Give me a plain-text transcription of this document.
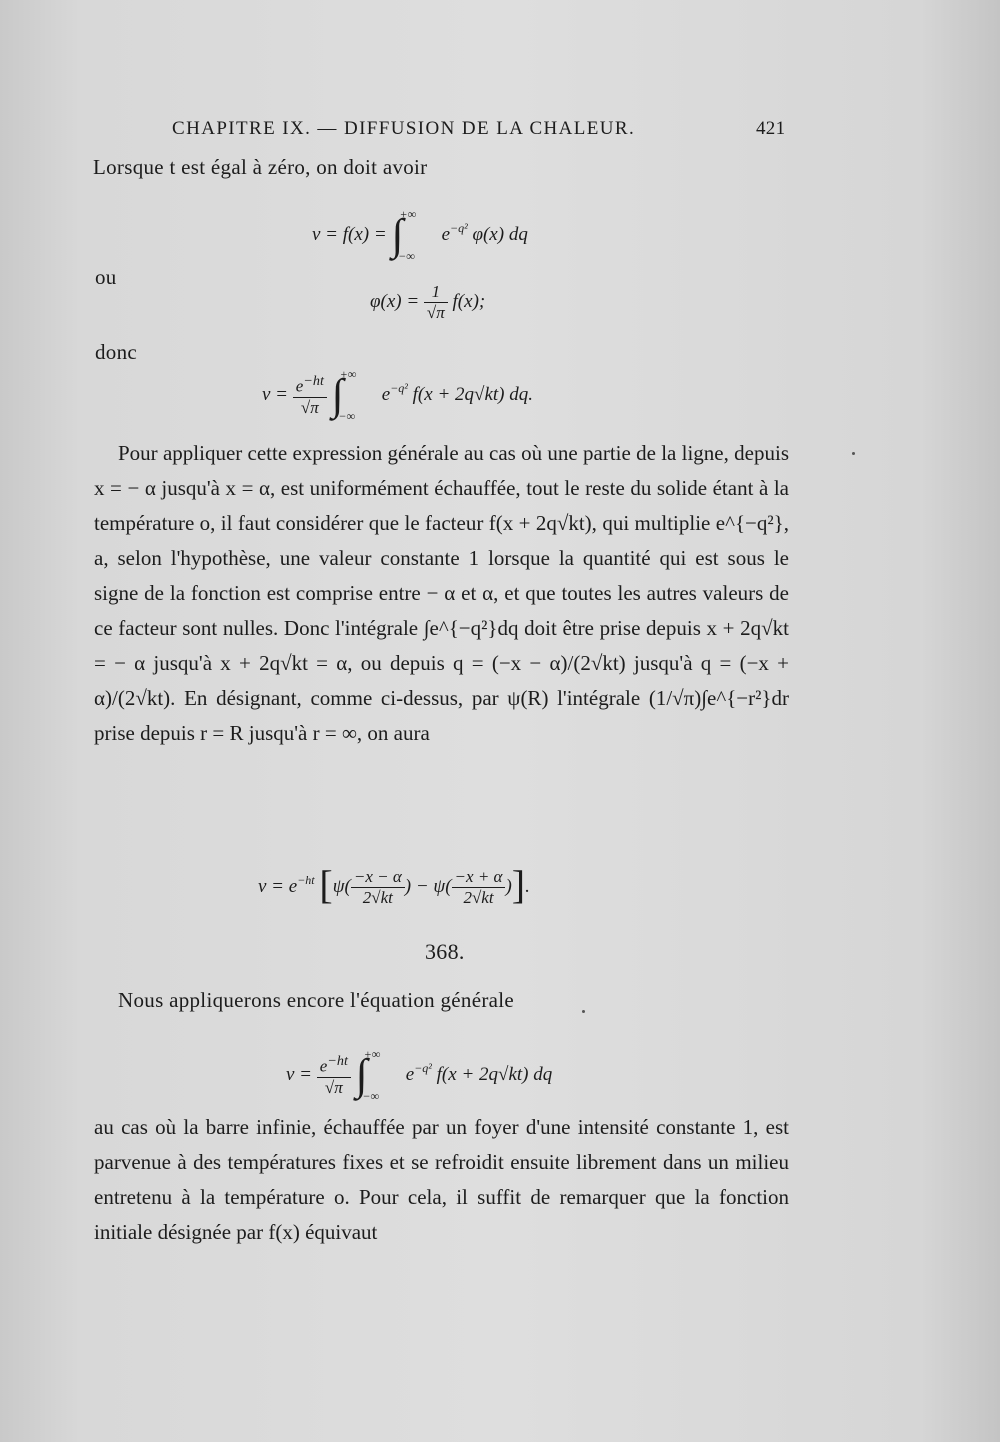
CHAPITRE IX. — DIFFUSION DE LA CHALEUR.	421
Lorsque t est égal à zéro, on doit avoir
$v = f(x) = \int^{+\infty}_{-\infty}$ $e^{-q^2}$ φ(x) dq
ou
$\varphi(x) = \frac{1}{√\pi} f(x)$;
donc
$v = \frac{e^{-ht}}{√\pi} \int^{+\infty}_{-\infty}$ $e^{-q^2}$ f(x + 2q√kt) dq.

Pour appliquer cette expression générale au cas où une partie de la ligne, depuis x = − α jusqu'à x = α, est uniformément échauffée, tout le reste du solide étant à la température o, il faut considérer que le facteur f(x + 2q√kt), qui multiplie e^{−q²}, a, selon l'hypothèse, une valeur constante 1 lorsque la quantité qui est sous le signe de la fonction est comprise entre − α et α, et que toutes les autres valeurs de ce facteur sont nulles. Donc l'intégrale ∫e^{−q²}dq doit être prise depuis x + 2q√kt = − α jusqu'à x + 2q√kt = α, ou depuis q = (−x − α)/(2√kt) jusqu'à q = (−x + α)/(2√kt). En désignant, comme ci-dessus, par ψ(R) l'intégrale (1/√π)∫e^{−r²}dr prise depuis r = R jusqu'à r = ∞, on aura

$v = e^{-ht}$ [$\psi( \frac{-x - \alpha}{2√kt}$ ) − $\psi( \frac{-x + \alpha}{2√kt}$ )].
368.
Nous appliquerons encore l'équation générale
$v = \frac{e^{-ht}}{√\pi} \int^{+\infty}_{-\infty}$ $e^{-q^2}$ f(x + 2q√kt) dq

au cas où la barre infinie, échauffée par un foyer d'une intensité constante 1, est parvenue à des températures fixes et se refroidit ensuite librement dans un milieu entretenu à la température o. Pour cela, il suffit de remarquer que la fonction initiale désignée par f(x) équivaut
